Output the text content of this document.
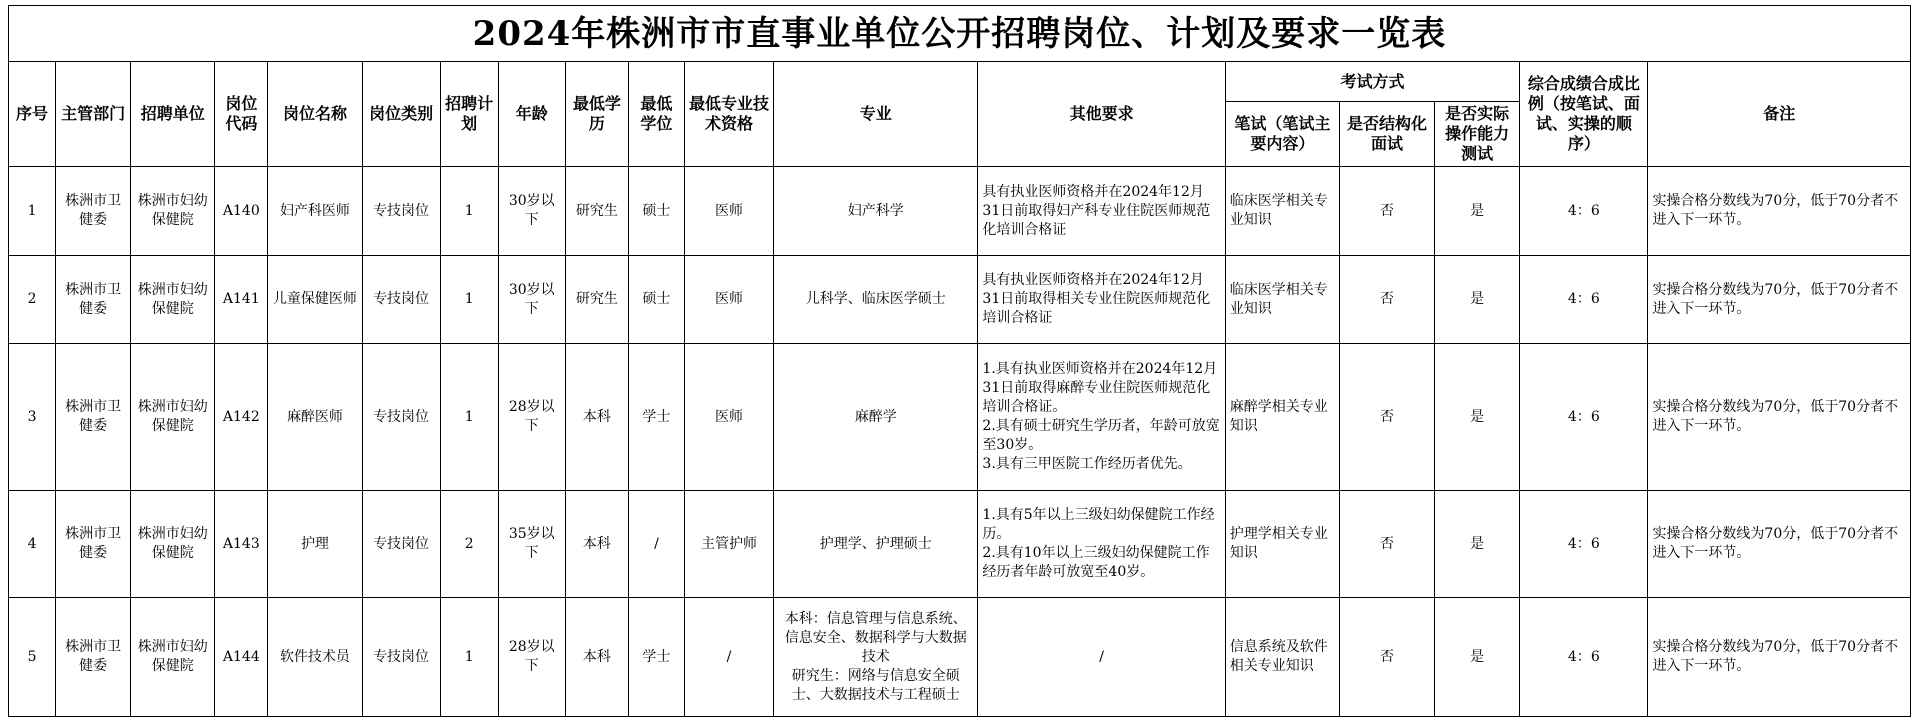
2024年株洲市市直事业单位公开招聘岗位、计划及要求一览表
序号	主管部门	招聘单位	岗位代码	岗位名称	岗位类别	招聘计划	年龄	最低学历	最低学位	最低专业技术资格	专业	其他要求	考试方式			综合成绩合成比例（按笔试、面试、实操的顺序）	备注
													笔试（笔试主要内容）	是否结构化面试	是否实际操作能力测试		
1	株洲市卫健委	株洲市妇幼保健院	A140	妇产科医师	专技岗位	1	30岁以下	研究生	硕士	医师	妇产科学	具有执业医师资格并在2024年12月31日前取得妇产科专业住院医师规范化培训合格证	临床医学相关专业知识	否	是	4：6	实操合格分数线为70分，低于70分者不进入下一环节。
2	株洲市卫健委	株洲市妇幼保健院	A141	儿童保健医师	专技岗位	1	30岁以下	研究生	硕士	医师	儿科学、临床医学硕士	具有执业医师资格并在2024年12月31日前取得相关专业住院医师规范化培训合格证	临床医学相关专业知识	否	是	4：6	实操合格分数线为70分，低于70分者不进入下一环节。
3	株洲市卫健委	株洲市妇幼保健院	A142	麻醉医师	专技岗位	1	28岁以下	本科	学士	医师	麻醉学	1.具有执业医师资格并在2024年12月31日前取得麻醉专业住院医师规范化培训合格证。
2.具有硕士研究生学历者，年龄可放宽至30岁。
3.具有三甲医院工作经历者优先。	麻醉学相关专业知识	否	是	4：6	实操合格分数线为70分，低于70分者不进入下一环节。
4	株洲市卫健委	株洲市妇幼保健院	A143	护理	专技岗位	2	35岁以下	本科	/	主管护师	护理学、护理硕士	1.具有5年以上三级妇幼保健院工作经历。
2.具有10年以上三级妇幼保健院工作经历者年龄可放宽至40岁。	护理学相关专业知识	否	是	4：6	实操合格分数线为70分，低于70分者不进入下一环节。
5	株洲市卫健委	株洲市妇幼保健院	A144	软件技术员	专技岗位	1	28岁以下	本科	学士	/	本科：信息管理与信息系统、信息安全、数据科学与大数据技术
研究生：网络与信息安全硕士、大数据技术与工程硕士	/	信息系统及软件相关专业知识	否	是	4：6	实操合格分数线为70分，低于70分者不进入下一环节。
